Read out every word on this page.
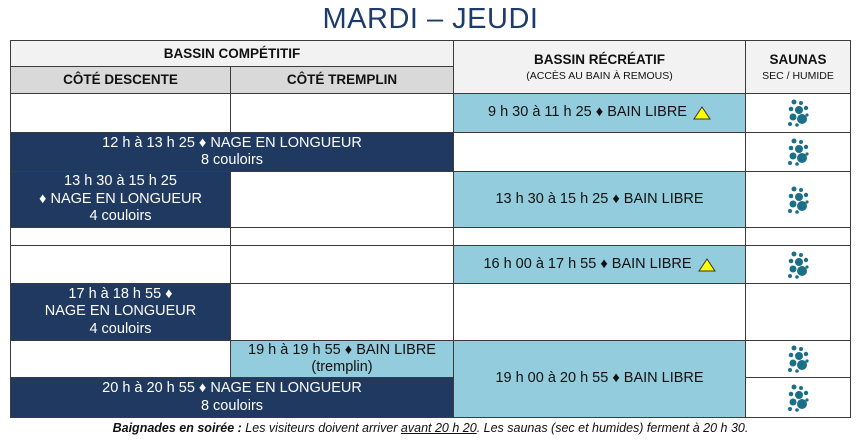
MARDI – JEUDI
BASSIN COMPÉTITIF
CÔTÉ DESCENTE	CÔTÉ TREMPLIN
BASSIN RÉCRÉATIF
(ACCÈS AU BAIN À REMOUS)
SAUNAS
SEC / HUMIDE
9 h 30 à 11 h 25 ♦ BAIN LIBRE
12 h à 13 h 25 ♦ NAGE EN LONGUEUR
8 couloirs
13 h 30 à 15 h 25
♦ NAGE EN LONGUEUR
4 couloirs
13 h 30 à 15 h 25 ♦ BAIN LIBRE
16 h 00 à 17 h 55 ♦ BAIN LIBRE
17 h à 18 h 55 ♦
NAGE EN LONGUEUR
4 couloirs
19 h à 19 h 55 ♦ BAIN LIBRE
(tremplin)
19 h 00 à 20 h 55 ♦ BAIN LIBRE
20 h à 20 h 55 ♦ NAGE EN LONGUEUR
8 couloirs
Baignades en soirée : Les visiteurs doivent arriver avant 20 h 20. Les saunas (sec et humides) ferment à 20 h 30.
